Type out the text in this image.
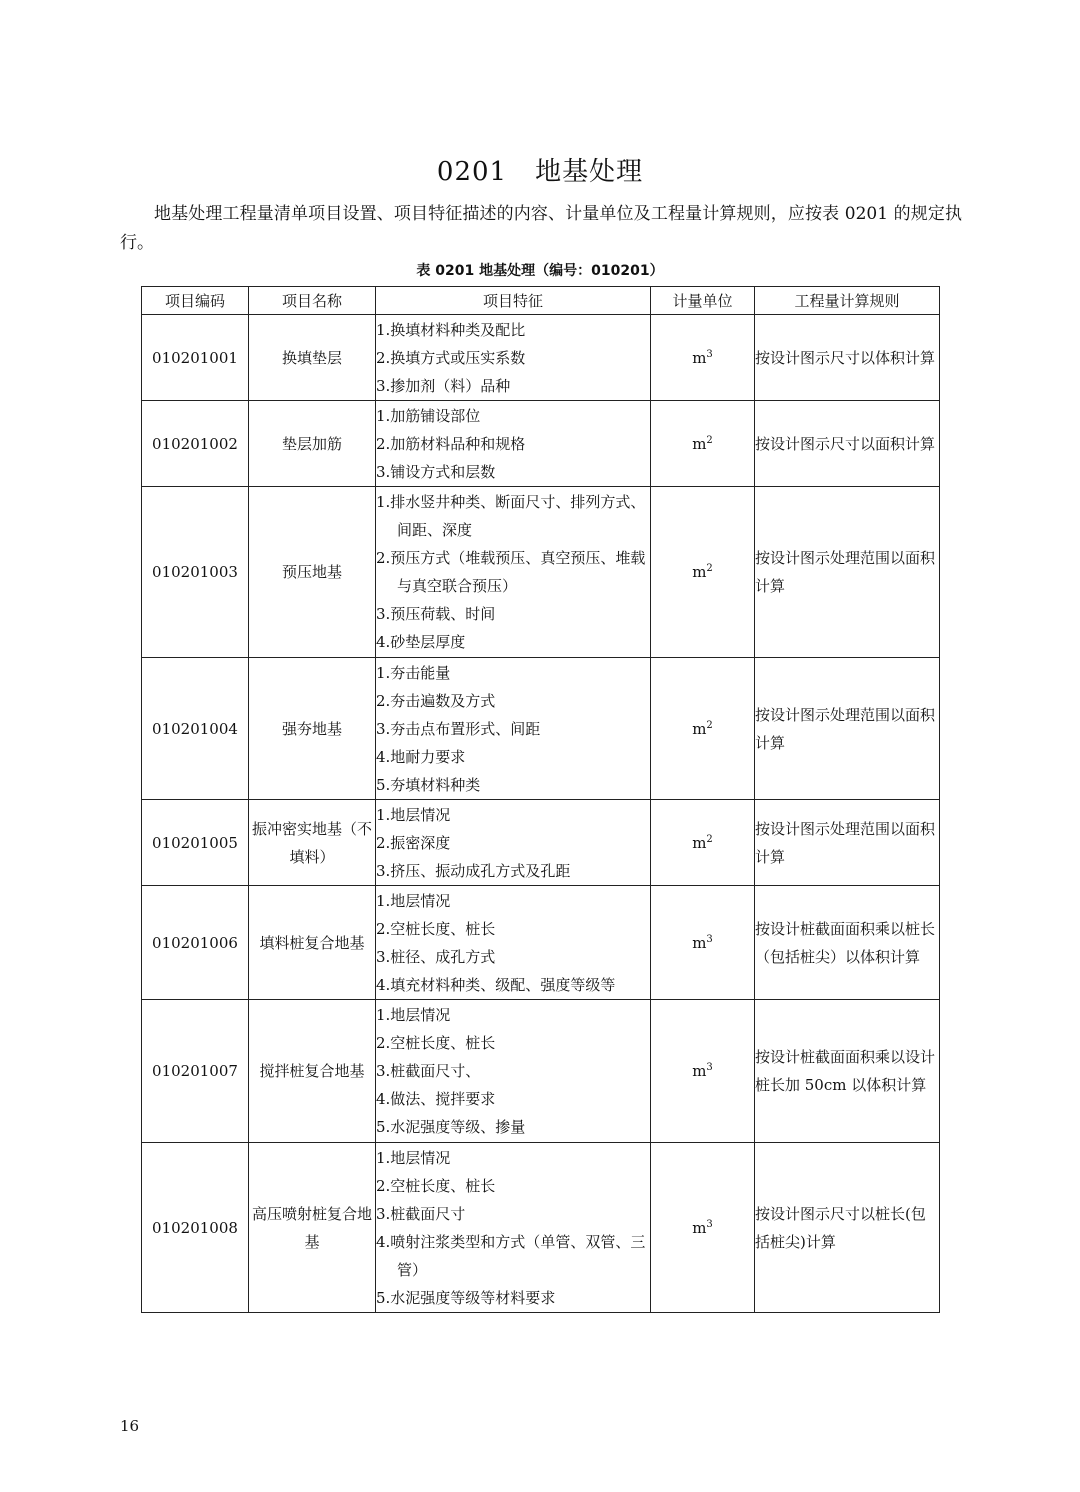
0201 地基处理
地基处理工程量清单项目设置、项目特征描述的内容、计量单位及工程量计算规则，应按表 0201 的规定执行。
表 0201 地基处理（编号：010201）
项目编码	项目名称	项目特征	计量单位	工程量计算规则
010201001	换填垫层	1.换填材料种类及配比
2.换填方式或压实系数
3.掺加剂（料）品种	$m^3$	按设计图示尺寸以体积计算
010201002	垫层加筋	1.加筋铺设部位
2.加筋材料品种和规格
3.铺设方式和层数	$m^2$	按设计图示尺寸以面积计算
010201003	预压地基	1.排水竖井种类、断面尺寸、排列方式、间距、深度
2.预压方式（堆载预压、真空预压、堆载与真空联合预压）
3.预压荷载、时间
4.砂垫层厚度	$m^2$	按设计图示处理范围以面积计算
010201004	强夯地基	1.夯击能量
2.夯击遍数及方式
3.夯击点布置形式、间距
4.地耐力要求
5.夯填材料种类	$m^2$	按设计图示处理范围以面积计算
010201005	振冲密实地基（不填料）	1.地层情况
2.振密深度
3.挤压、振动成孔方式及孔距	$m^2$	按设计图示处理范围以面积计算
010201006	填料桩复合地基	1.地层情况
2.空桩长度、桩长
3.桩径、成孔方式
4.填充材料种类、级配、强度等级等	$m^3$	按设计桩截面面积乘以桩长（包括桩尖）以体积计算
010201007	搅拌桩复合地基	1.地层情况
2.空桩长度、桩长
3.桩截面尺寸、
4.做法、搅拌要求
5.水泥强度等级、掺量	$m^3$	按设计桩截面面积乘以设计桩长加 50cm 以体积计算
010201008	高压喷射桩复合地基	1.地层情况
2.空桩长度、桩长
3.桩截面尺寸
4.喷射注浆类型和方式（单管、双管、三管）
5.水泥强度等级等材料要求	$m^3$	按设计图示尺寸以桩长(包括桩尖)计算
16
